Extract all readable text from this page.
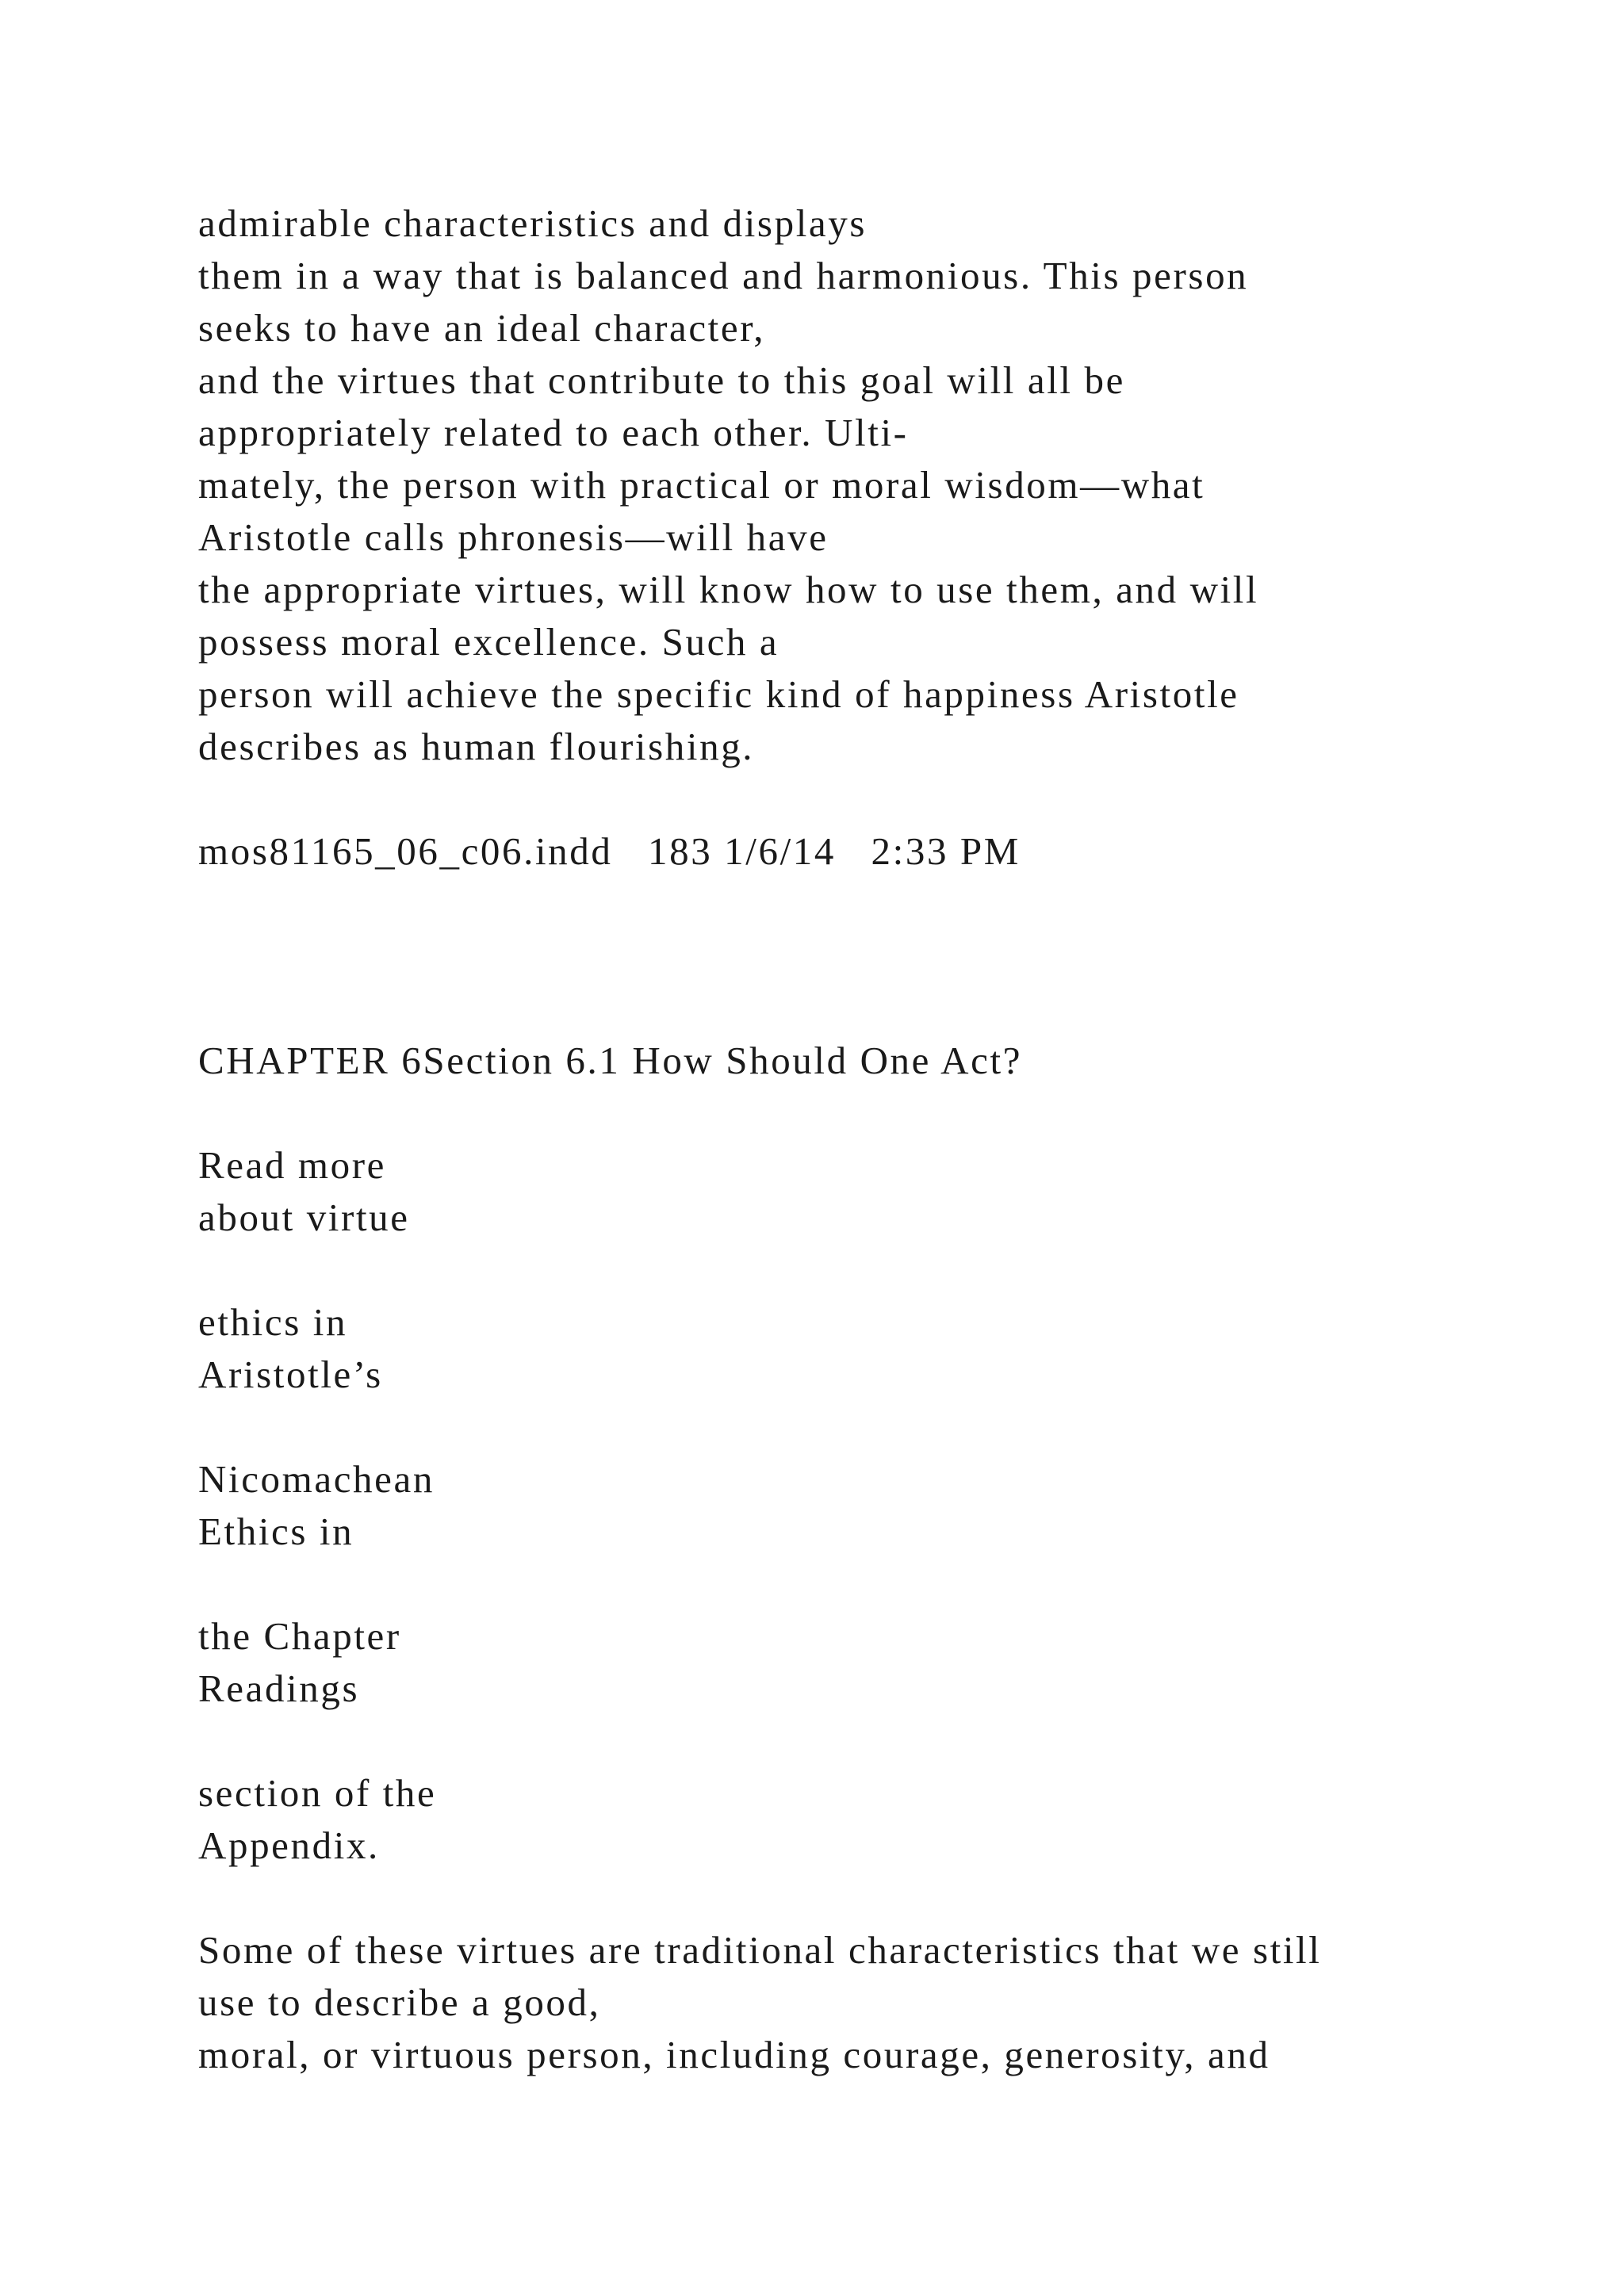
admirable characteristics and displays
them in a way that is balanced and harmonious. This person
seeks to have an ideal character,
and the virtues that contribute to this goal will all be
appropriately related to each other. Ulti-
mately, the person with practical or moral wisdom—what
Aristotle calls phronesis—will have
the appropriate virtues, will know how to use them, and will
possess moral excellence. Such a
person will achieve the specific kind of happiness Aristotle
describes as human flourishing.
mos81165_06_c06.indd   183 1/6/14   2:33 PM
CHAPTER 6Section 6.1 How Should One Act?
Read more
about virtue
ethics in
Aristotle’s
Nicomachean
Ethics in
the Chapter
Readings
section of the
Appendix.
Some of these virtues are traditional characteristics that we still
use to describe a good,
moral, or virtuous person, including courage, generosity, and
